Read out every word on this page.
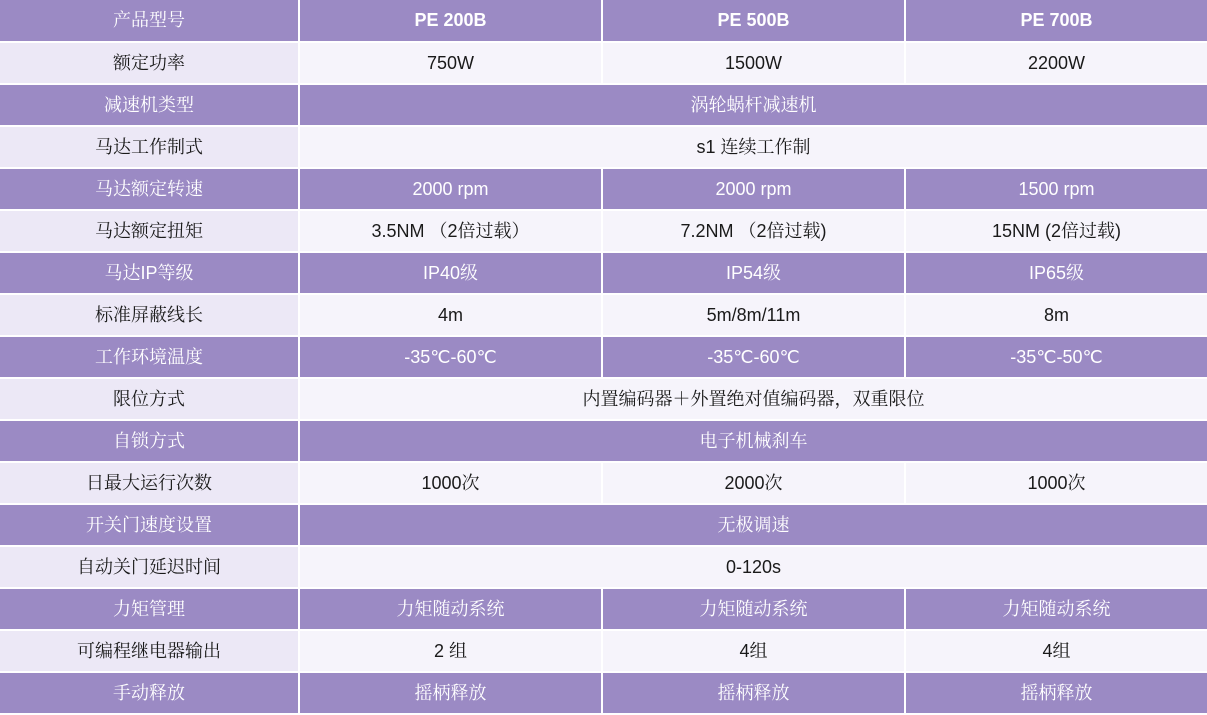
产品型号	PE 200B	PE 500B	PE 700B
额定功率	750W	1500W	2200W
减速机类型	涡轮蜗杆减速机		
马达工作制式	s1 连续工作制		
马达额定转速	2000 rpm	2000 rpm	1500 rpm
马达额定扭矩	3.5NM （2倍过载）	7.2NM （2倍过载)	15NM (2倍过载)
马达IP等级	IP40级	IP54级	IP65级
标准屏蔽线长	4m	5m/8m/11m	8m
工作环境温度	-35℃-60℃	-35℃-60℃	-35℃-50℃
限位方式	内置编码器＋外置绝对值编码器，双重限位		
自锁方式	电子机械刹车		
日最大运行次数	1000次	2000次	1000次
开关门速度设置	无极调速		
自动关门延迟时间	0-120s		
力矩管理	力矩随动系统	力矩随动系统	力矩随动系统
可编程继电器输出	2 组	4组	4组
手动释放	摇柄释放	摇柄释放	摇柄释放
